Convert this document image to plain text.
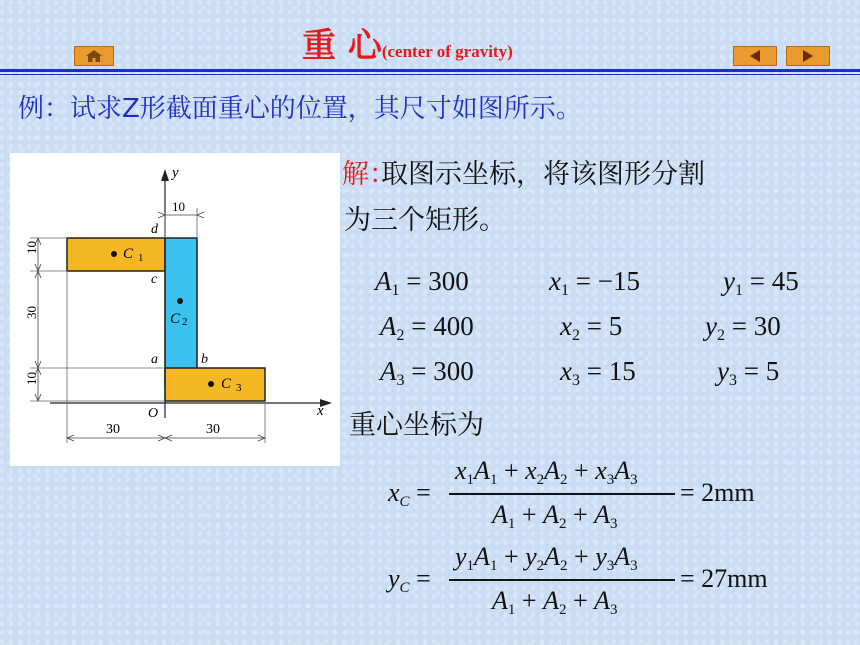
重 心(center of gravity)
例：试求Z形截面重心的位置，其尺寸如图所示。
10
10
30
10
30	30
y
x
O
a	b
c
d
C 1
C 2
C 3
解：
取图示坐标，将该图形分割
为三个矩形。
$A_1 = 300$	$x_1 = -15$	$y_1 = 45$
$A_2 = 400$	$x_2 = 5$	$y_2 = 30$
$A_3 = 300$	$x_3 = 15$	$y_3 = 5$
重心坐标为
$x_C$ =
$x_1A_1 + x_2A_2 + x_3A_3$
$A_1 + A_2 + A_3$
= 2mm
$y_C$ =
$y_1A_1 + y_2A_2 + y_3A_3$
$A_1 + A_2 + A_3$
= 27mm
